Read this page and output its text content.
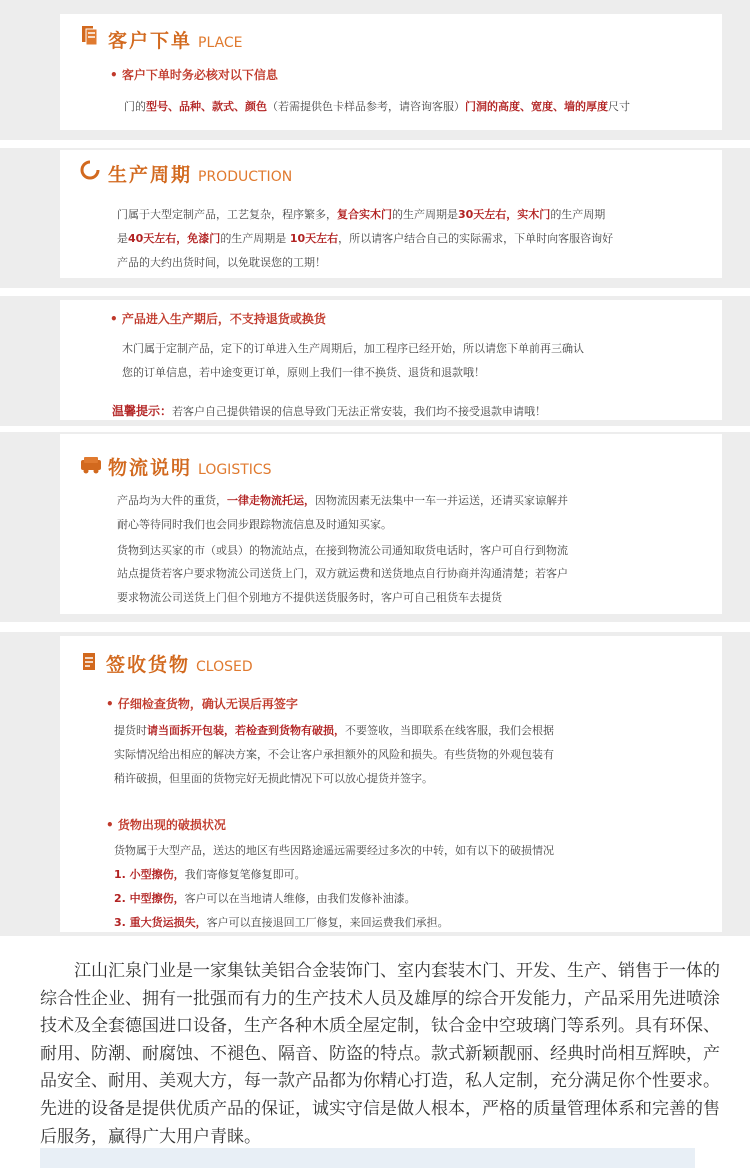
客户下单 PLACE
• 客户下单时务必核对以下信息
门的型号、品种、款式、颜色（若需提供色卡样品参考，请咨询客服）门洞的高度、宽度、墙的厚度尺寸
生产周期 PRODUCTION
门属于大型定制产品，工艺复杂，程序繁多，复合实木门的生产周期是30天左右，实木门的生产周期
是40天左右，免漆门的生产周期是 10天左右，所以请客户结合自己的实际需求，下单时向客服咨询好
产品的大约出货时间，以免耽误您的工期！
• 产品进入生产期后，不支持退货或换货
木门属于定制产品，定下的订单进入生产周期后，加工程序已经开始，所以请您下单前再三确认
您的订单信息，若中途变更订单，原则上我们一律不换货、退货和退款哦！
温馨提示：若客户自己提供错误的信息导致门无法正常安装，我们均不接受退款申请哦！
物流说明 LOGISTICS
产品均为大件的重货，一律走物流托运，因物流因素无法集中一车一并运送，还请买家谅解并
耐心等待同时我们也会同步跟踪物流信息及时通知买家。
货物到达买家的市（或县）的物流站点，在接到物流公司通知取货电话时，客户可自行到物流
站点提货若客户要求物流公司送货上门，双方就运费和送货地点自行协商并沟通清楚；若客户
要求物流公司送货上门但个别地方不提供送货服务时，客户可自己租货车去提货
签收货物 CLOSED
• 仔细检查货物，确认无误后再签字
提货时请当面拆开包装，若检查到货物有破损，不要签收，当即联系在线客服，我们会根据
实际情况给出相应的解决方案，不会让客户承担额外的风险和损失。有些货物的外观包装有
稍许破损，但里面的货物完好无损此情况下可以放心提货并签字。
• 货物出现的破损状况
货物属于大型产品，送达的地区有些因路途遥远需要经过多次的中转，如有以下的破损情况
1. 小型擦伤，我们寄修复笔修复即可。
2. 中型擦伤，客户可以在当地请人维修，由我们发修补油漆。
3. 重大货运损失，客户可以直接退回工厂修复，来回运费我们承担。
江山汇泉门业是一家集钛美铝合金装饰门、室内套装木门、开发、生产、销售于一体的综合性企业、拥有一批强而有力的生产技术人员及雄厚的综合开发能力，产品采用先进喷涂技术及全套德国进口设备，生产各种木质全屋定制，钛合金中空玻璃门等系列。具有环保、耐用、防潮、耐腐蚀、不褪色、隔音、防盗的特点。款式新颖靓丽、经典时尚相互辉映，产品安全、耐用、美观大方，每一款产品都为你精心打造，私人定制，充分满足你个性要求。先进的设备是提供优质产品的保证，诚实守信是做人根本，严格的质量管理体系和完善的售后服务，赢得广大用户青睐。
